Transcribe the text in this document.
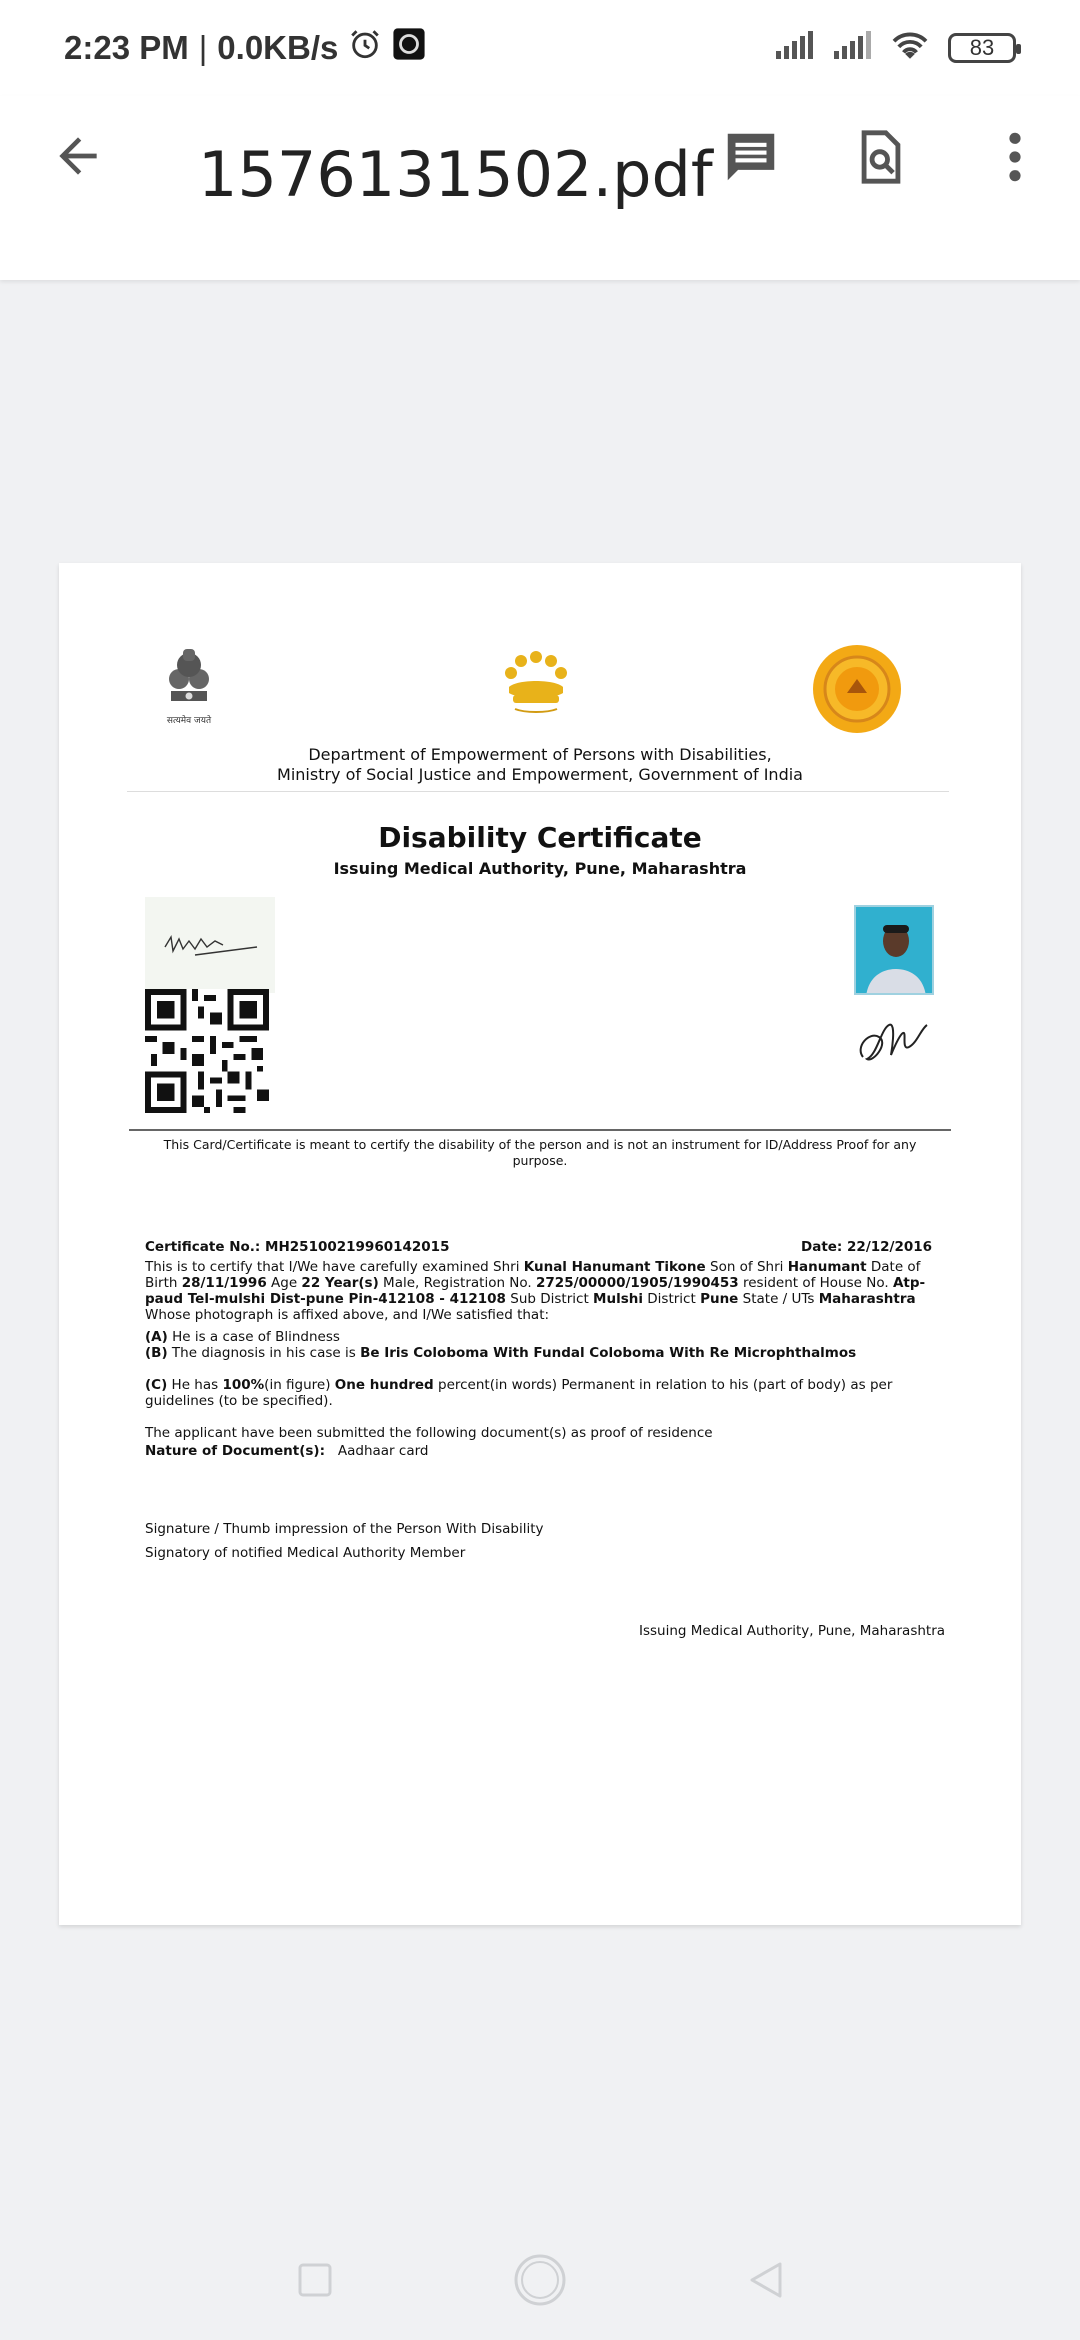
2:23 PM | 0.0KB/s	83
1576131502.pdf
सत्यमेव जयते
Department of Empowerment of Persons with Disabilities,
Ministry of Social Justice and Empowerment, Government of India
Disability Certificate
Issuing Medical Authority, Pune, Maharashtra
Certificate No.: MH25100219960142015	Date: 22/12/2016
This is to certify that I/We have carefully examined Shri Kunal Hanumant Tikone Son of Shri Hanumant Date of Birth 28/11/1996 Age 22 Year(s) Male, Registration No. 2725/00000/1905/1990453 resident of House No. Atp-paud Tel-mulshi Dist-pune Pin-412108 - 412108 Sub District Mulshi District Pune State / UTs Maharashtra Whose photograph is affixed above, and I/We satisfied that:
(A) He is a case of Blindness
(B) The diagnosis in his case is Be Iris Coloboma With Fundal Coloboma With Re Microphthalmos
(C) He has 100%(in figure) One hundred percent(in words) Permanent in relation to his (part of body) as per guidelines (to be specified).
The applicant have been submitted the following document(s) as proof of residence
Nature of Document(s): Aadhaar card
Signature / Thumb impression of the Person With Disability
Signatory of notified Medical Authority Member
Issuing Medical Authority, Pune, Maharashtra
This Card/Certificate is meant to certify the disability of the person and is not an instrument for ID/Address Proof for any purpose.
